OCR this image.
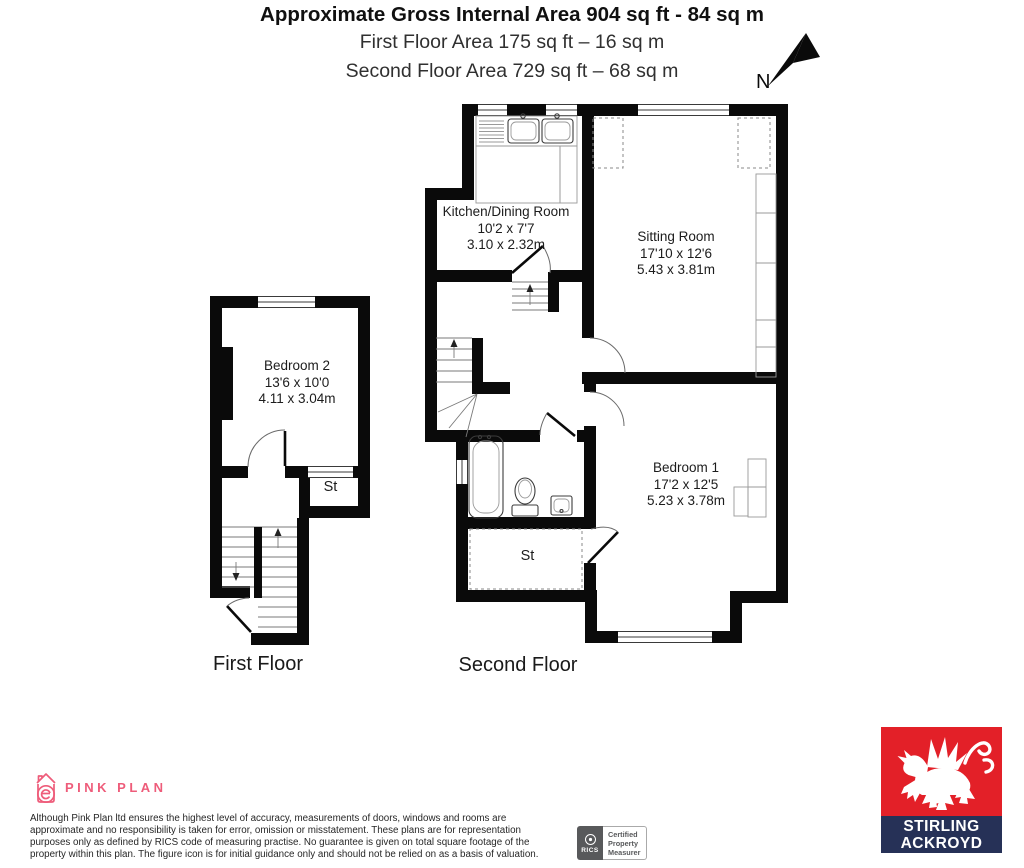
Approximate Gross Internal Area 904 sq ft - 84 sq m
First Floor Area 175 sq ft – 16 sq m
Second Floor Area 729 sq ft – 68 sq m
N
Kitchen/Dining Room
10'2 x 7'7
3.10 x 2.32m
Sitting Room
17'10 x 12'6
5.43 x 3.81m
Bedroom 1
17'2 x 12'5
5.23 x 3.78m
Bedroom 2
13'6 x 10'0
4.11 x 3.04m
St
St
First Floor	Second Floor
PINK PLAN
Although Pink Plan ltd ensures the highest level of accuracy, measurements of doors, windows and rooms are
approximate and no responsibility is taken for error, omission or misstatement. These plans are for representation
purposes only as defined by RICS code of measuring practise. No guarantee is given on total square footage of the
property within this plan. The figure icon is for initial guidance only and should not be relied on as a basis of valuation.	RICS
Certified
Property
Measurer
STIRLING
ACKROYD
